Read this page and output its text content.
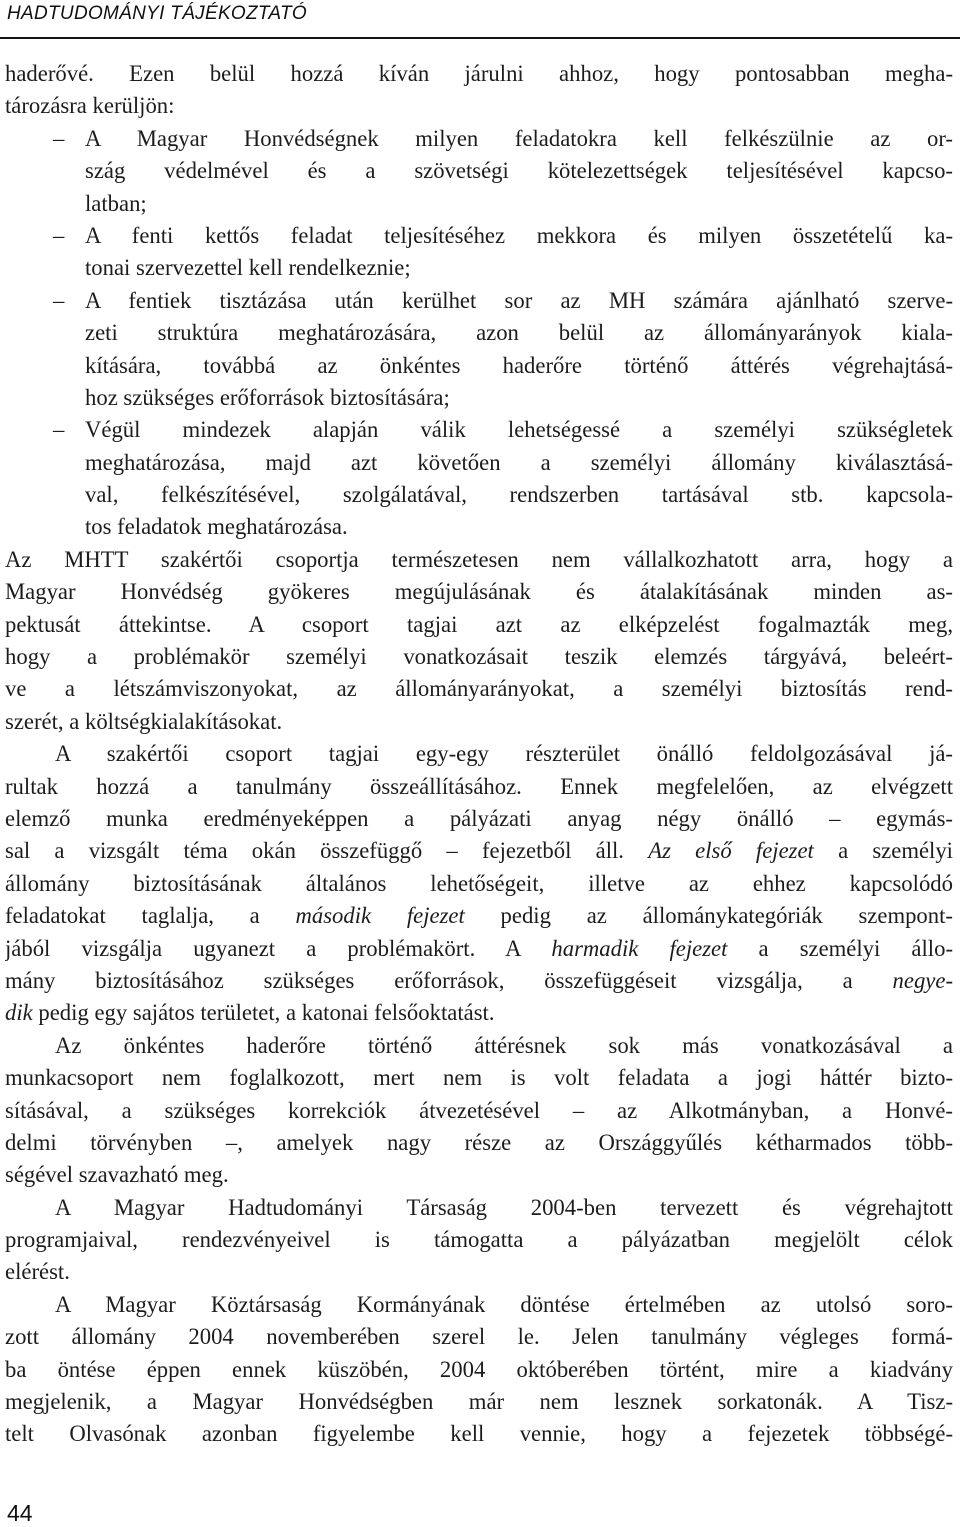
HADTUDOMÁNYI TÁJÉKOZTATÓ
haderővé. Ezen belül hozzá kíván járulni ahhoz, hogy pontosabban megha-
tározásra kerüljön:
– A Magyar Honvédségnek milyen feladatokra kell felkészülnie az or-
szág védelmével és a szövetségi kötelezettségek teljesítésével kapcso-
latban;
– A fenti kettős feladat teljesítéséhez mekkora és milyen összetételű ka-
tonai szervezettel kell rendelkeznie;
– A fentiek tisztázása után kerülhet sor az MH számára ajánlható szerve-
zeti struktúra meghatározására, azon belül az állományarányok kiala-
kítására, továbbá az önkéntes haderőre történő áttérés végrehajtásá-
hoz szükséges erőforrások biztosítására;
– Végül mindezek alapján válik lehetségessé a személyi szükségletek
meghatározása, majd azt követően a személyi állomány kiválasztásá-
val, felkészítésével, szolgálatával, rendszerben tartásával stb. kapcsola-
tos feladatok meghatározása.
Az MHTT szakértői csoportja természetesen nem vállalkozhatott arra, hogy a
Magyar Honvédség gyökeres megújulásának és átalakításának minden as-
pektusát áttekintse. A csoport tagjai azt az elképzelést fogalmazták meg,
hogy a problémakör személyi vonatkozásait teszik elemzés tárgyává, beleért-
ve a létszámviszonyokat, az állományarányokat, a személyi biztosítás rend-
szerét, a költségkialakításokat.
A szakértői csoport tagjai egy-egy részterület önálló feldolgozásával já-
rultak hozzá a tanulmány összeállításához. Ennek megfelelően, az elvégzett
elemző munka eredményeképpen a pályázati anyag négy önálló – egymás-
sal a vizsgált téma okán összefüggő – fejezetből áll. Az első fejezet a személyi
állomány biztosításának általános lehetőségeit, illetve az ehhez kapcsolódó
feladatokat taglalja, a második fejezet pedig az állománykategóriák szempont-
jából vizsgálja ugyanezt a problémakört. A harmadik fejezet a személyi állo-
mány biztosításához szükséges erőforrások, összefüggéseit vizsgálja, a negye-
dik pedig egy sajátos területet, a katonai felsőoktatást.
Az önkéntes haderőre történő áttérésnek sok más vonatkozásával a
munkacsoport nem foglalkozott, mert nem is volt feladata a jogi háttér bizto-
sításával, a szükséges korrekciók átvezetésével – az Alkotmányban, a Honvé-
delmi törvényben –, amelyek nagy része az Országgyűlés kétharmados több-
ségével szavazható meg.
A Magyar Hadtudományi Társaság 2004-ben tervezett és végrehajtott
programjaival, rendezvényeivel is támogatta a pályázatban megjelölt célok
elérést.
A Magyar Köztársaság Kormányának döntése értelmében az utolsó soro-
zott állomány 2004 novemberében szerel le. Jelen tanulmány végleges formá-
ba öntése éppen ennek küszöbén, 2004 októberében történt, mire a kiadvány
megjelenik, a Magyar Honvédségben már nem lesznek sorkatonák. A Tisz-
telt Olvasónak azonban figyelembe kell vennie, hogy a fejezetek többségé-
44
